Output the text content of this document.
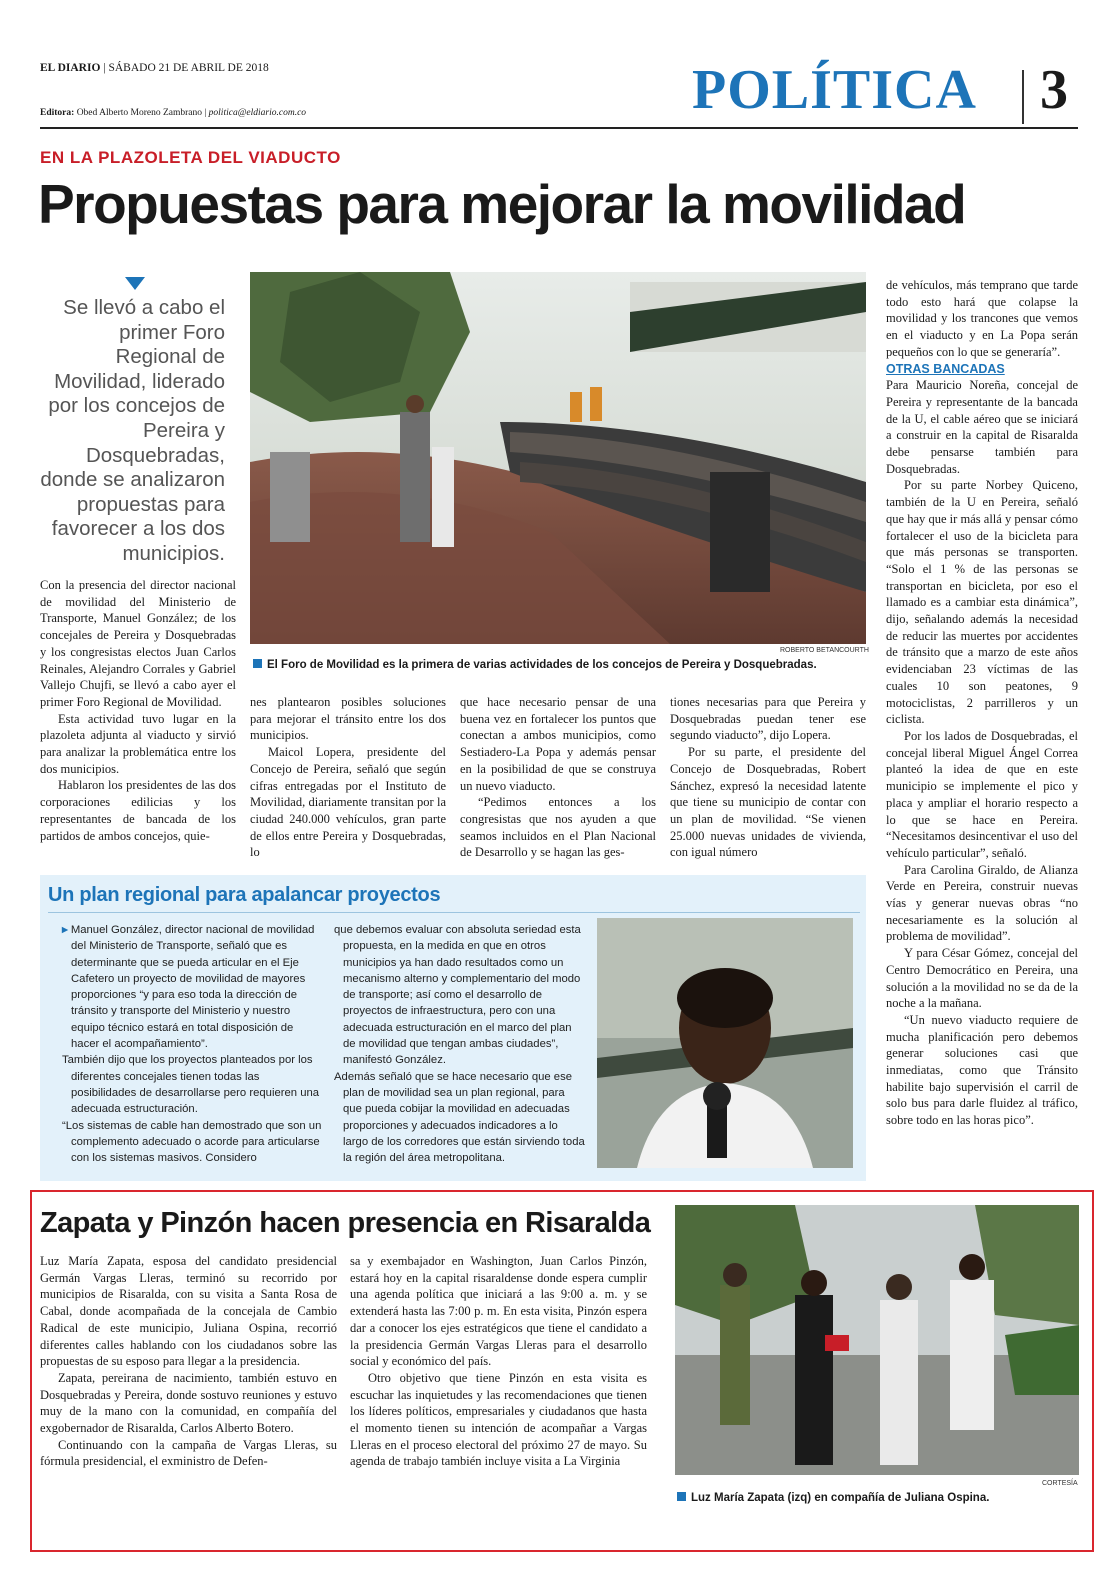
EL DIARIO | SÁBADO 21 DE ABRIL DE 2018
Editora: Obed Alberto Moreno Zambrano | politica@eldiario.com.co	POLÍTICA 3
EN LA PLAZOLETA DEL VIADUCTO
Propuestas para mejorar la movilidad
Se llevó a cabo el primer Foro Regional de Movilidad, liderado por los concejos de Pereira y Dosquebradas, donde se analizaron propuestas para favorecer a los dos municipios.
ROBERTO BETANCOURTH
El Foro de Movilidad es la primera de varias actividades de los concejos de Pereira y Dosquebradas.

Con la presencia del director nacional de movilidad del Ministerio de Transporte, Manuel González; de los concejales de Pereira y Dosquebradas y los congresistas electos Juan Carlos Reinales, Alejandro Corrales y Gabriel Vallejo Chujfi, se llevó a cabo ayer el primer Foro Regional de Movilidad.

Esta actividad tuvo lugar en la plazoleta adjunta al viaducto y sirvió para analizar la problemática entre los dos municipios.

Hablaron los presidentes de las dos corporaciones edilicias y los representantes de bancada de los partidos de ambos concejos, quie-

nes plantearon posibles soluciones para mejorar el tránsito entre los dos municipios.

Maicol Lopera, presidente del Concejo de Pereira, señaló que según cifras entregadas por el Instituto de Movilidad, diariamente transitan por la ciudad 240.000 vehículos, gran parte de ellos entre Pereira y Dosquebradas, lo

que hace necesario pensar de una buena vez en fortalecer los puntos que conectan a ambos municipios, como Sestiadero-La Popa y además pensar en la posibilidad de que se construya un nuevo viaducto.

“Pedimos entonces a los congresistas que nos ayuden a que seamos incluidos en el Plan Nacional de Desarrollo y se hagan las ges-

tiones necesarias para que Pereira y Dosquebradas puedan tener ese segundo viaducto”, dijo Lopera.

Por su parte, el presidente del Concejo de Dosquebradas, Robert Sánchez, expresó la necesidad latente que tiene su municipio de contar con un plan de movilidad. “Se vienen 25.000 nuevas unidades de vivienda, con igual número

de vehículos, más temprano que tarde todo esto hará que colapse la movilidad y los trancones que vemos en el viaducto y en La Popa serán pequeños con lo que se generaría”.

OTRAS BANCADAS

Para Mauricio Noreña, concejal de Pereira y representante de la bancada de la U, el cable aéreo que se iniciará a construir en la capital de Risaralda debe pensarse también para Dosquebradas.

Por su parte Norbey Quiceno, también de la U en Pereira, señaló que hay que ir más allá y pensar cómo fortalecer el uso de la bicicleta para que más personas se transporten. “Solo el 1 % de las personas se transportan en bicicleta, por eso el llamado es a cambiar esta dinámica”, dijo, señalando además la necesidad de reducir las muertes por accidentes de tránsito que a marzo de este años evidenciaban 23 víctimas de las cuales 10 son peatones, 9 motociclistas, 2 parrilleros y un ciclista.

Por los lados de Dosquebradas, el concejal liberal Miguel Ángel Correa planteó la idea de que en este municipio se implemente el pico y placa y ampliar el horario respecto a lo que se hace en Pereira. “Necesitamos desincentivar el uso del vehículo particular”, señaló.

Para Carolina Giraldo, de Alianza Verde en Pereira, construir nuevas vías y generar nuevas obras “no necesariamente es la solución al problema de movilidad”.

Y para César Gómez, concejal del Centro Democrático en Pereira, una solución a la movilidad no se da de la noche a la mañana.

“Un nuevo viaducto requiere de mucha planificación pero debemos generar soluciones casi que inmediatas, como que Tránsito habilite bajo supervisión el carril de solo bus para darle fluidez al tráfico, sobre todo en las horas pico”.

Un plan regional para apalancar proyectos

▸ Manuel González, director nacional de movilidad del Ministerio de Transporte, señaló que es determinante que se pueda articular en el Eje Cafetero un proyecto de movilidad de mayores proporciones “y para eso toda la dirección de tránsito y transporte del Ministerio y nuestro equipo técnico estará en total disposición de hacer el acompañamiento”.

También dijo que los proyectos planteados por los diferentes concejales tienen todas las posibilidades de desarrollarse pero requieren una adecuada estructuración.

“Los sistemas de cable han demostrado que son un complemento adecuado o acorde para articularse con los sistemas masivos. Considero

que debemos evaluar con absoluta seriedad esta propuesta, en la medida en que en otros municipios ya han dado resultados como un mecanismo alterno y complementario del modo de transporte; así como el desarrollo de proyectos de infraestructura, pero con una adecuada estructuración en el marco del plan de movilidad que tengan ambas ciudades”, manifestó González.

Además señaló que se hace necesario que ese plan de movilidad sea un plan regional, para que pueda cobijar la movilidad en adecuadas proporciones y adecuados indicadores a lo largo de los corredores que están sirviendo toda la región del área metropolitana.

Zapata y Pinzón hacen presencia en Risaralda

Luz María Zapata, esposa del candidato presidencial Germán Vargas Lleras, terminó su recorrido por municipios de Risaralda, con su visita a Santa Rosa de Cabal, donde acompañada de la concejala de Cambio Radical de este municipio, Juliana Ospina, recorrió diferentes calles hablando con los ciudadanos sobre las propuestas de su esposo para llegar a la presidencia.

Zapata, pereirana de nacimiento, también estuvo en Dosquebradas y Pereira, donde sostuvo reuniones y estuvo muy de la mano con la comunidad, en compañía del exgobernador de Risaralda, Carlos Alberto Botero.

Continuando con la campaña de Vargas Lleras, su fórmula presidencial, el exministro de Defen-

sa y exembajador en Washington, Juan Carlos Pinzón, estará hoy en la capital risaraldense donde espera cumplir una agenda política que iniciará a las 9:00 a. m. y se extenderá hasta las 7:00 p. m. En esta visita, Pinzón espera dar a conocer los ejes estratégicos que tiene el candidato a la presidencia Germán Vargas Lleras para el desarrollo social y económico del país.

Otro objetivo que tiene Pinzón en esta visita es escuchar las inquietudes y las recomendaciones que tienen los líderes políticos, empresariales y ciudadanos que hasta el momento tienen su intención de acompañar a Vargas Lleras en el proceso electoral del próximo 27 de mayo. Su agenda de trabajo también incluye visita a La Virginia

CORTESÍA
Luz María Zapata (izq) en compañía de Juliana Ospina.
